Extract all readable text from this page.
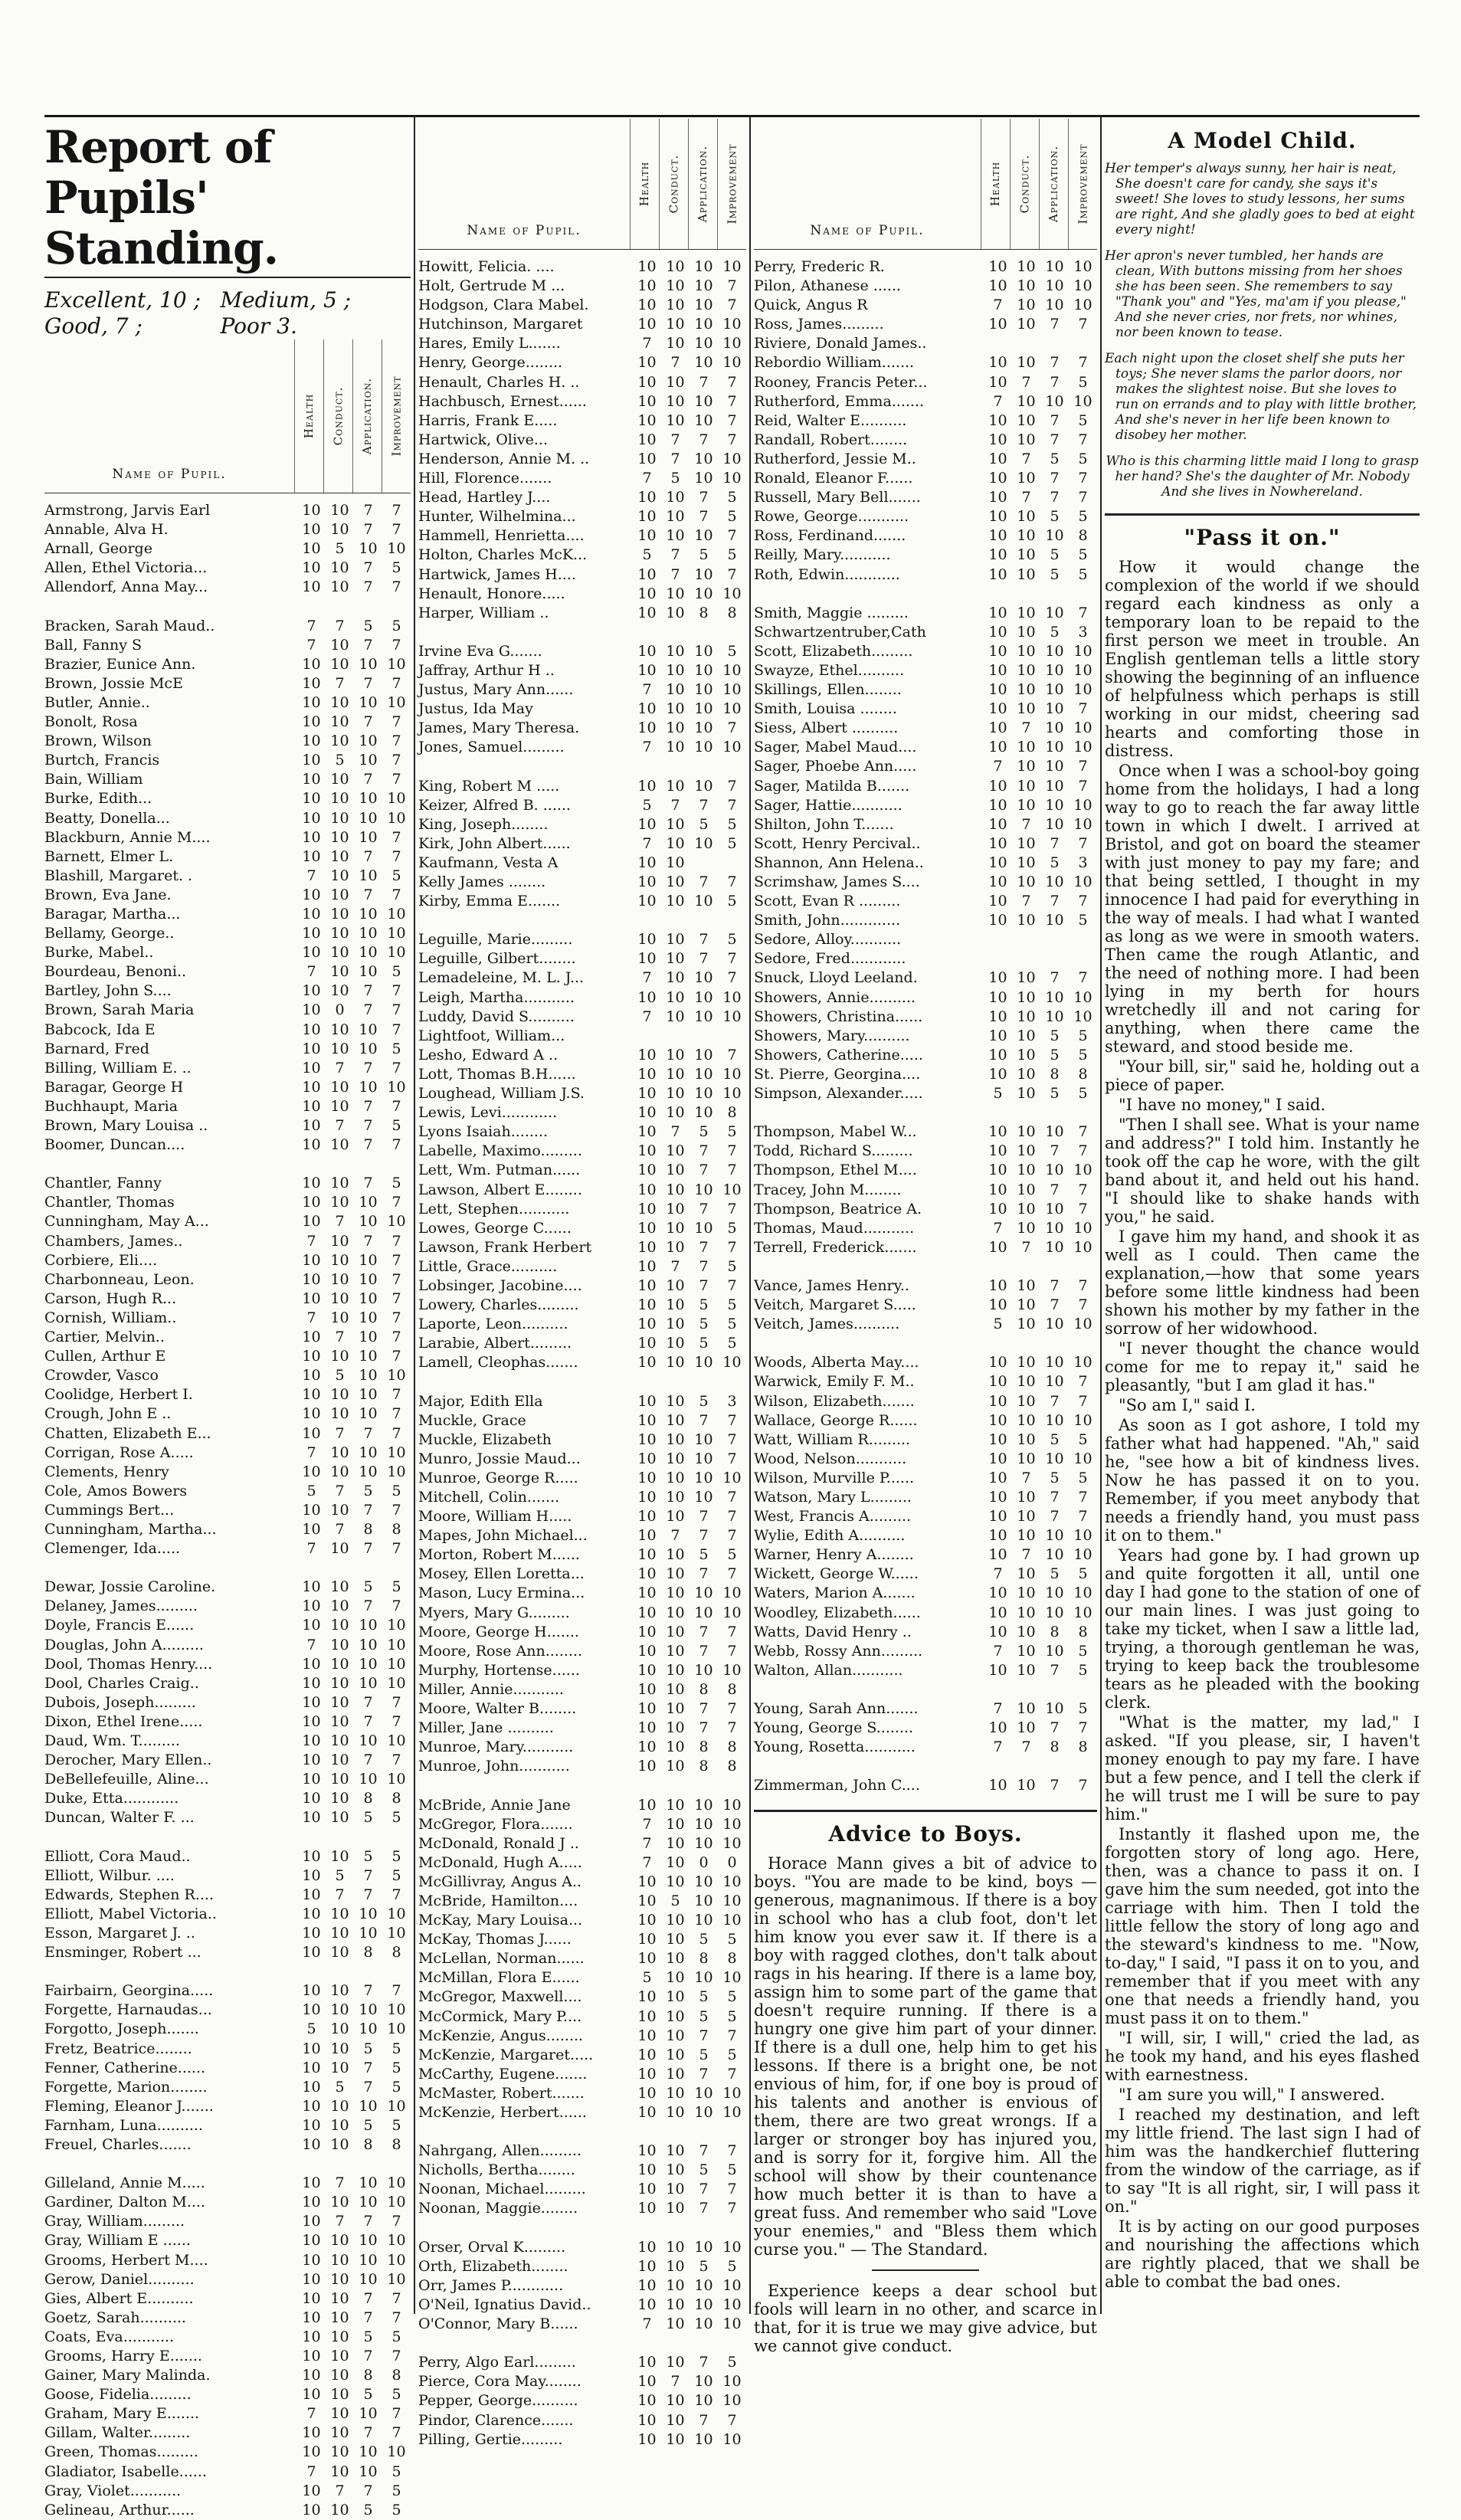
Report of Pupils' Standing.
Excellent, 10 ; Medium, 5 ;
Good, 7 ;	Poor 3.
Name of Pupil.
Health Conduct. Application. Improvement
Armstrong, Jarvis Earl	10 10 7	7
Annable, Alva H.	10 10 7	7
Arnall, George	10 5 10 10
Allen, Ethel Victoria...	10 10 7	5
Allendorf, Anna May...	10 10 7	7
Bracken, Sarah Maud..	7	7	5	5
Ball, Fanny S	7 10 7	7
Brazier, Eunice Ann.	10 10 10 10
Brown, Jossie McE	10 7	7	7
Butler, Annie..	10 10 10 10
Bonolt, Rosa	10 10 7	7
Brown, Wilson	10 10 10 7
Burtch, Francis	10 5 10 7
Bain, William	10 10 7	7
Burke, Edith...	10 10 10 10
Beatty, Donella...	10 10 10 10
Blackburn, Annie M....	10 10 10 7
Barnett, Elmer L.	10 10 7	7
Blashill, Margaret. .	7 10 10 5
Brown, Eva Jane.	10 10 7	7
Baragar, Martha...	10 10 10 10
Bellamy, George..	10 10 10 10
Burke, Mabel..	10 10 10 10
Bourdeau, Benoni..	7 10 10 5
Bartley, John S....	10 10 7	7
Brown, Sarah Maria	10 0	7	7
Babcock, Ida E	10 10 10 7
Barnard, Fred	10 10 10 5
Billing, William E. ..	10 7	7	7
Baragar, George H	10 10 10 10
Buchhaupt, Maria	10 10 7	7
Brown, Mary Louisa ..	10 7	7	5
Boomer, Duncan....	10 10 7	7
Chantler, Fanny	10 10 7	5
Chantler, Thomas	10 10 10 7
Cunningham, May A...	10 7 10 10
Chambers, James..	7 10 7	7
Corbiere, Eli....	10 10 10 7
Charbonneau, Leon.	10 10 10 7
Carson, Hugh R...	10 10 10 7
Cornish, William..	7 10 10 7
Cartier, Melvin..	10 7 10 7
Cullen, Arthur E	10 10 10 7
Crowder, Vasco	10 5 10 10
Coolidge, Herbert I.	10 10 10 7
Crough, John E ..	10 10 10 7
Chatten, Elizabeth E...	10 7	7	7
Corrigan, Rose A.....	7 10 10 10
Clements, Henry	10 10 10 10
Cole, Amos Bowers	5	7	5	5
Cummings Bert...	10 10 7	7
Cunningham, Martha...	10 7	8	8
Clemenger, Ida.....	7 10 7	7
Dewar, Jossie Caroline.	10 10 5	5
Delaney, James.........	10 10 7	7
Doyle, Francis E......	10 10 10 10
Douglas, John A.........	7 10 10 10
Dool, Thomas Henry....	10 10 10 10
Dool, Charles Craig..	10 10 10 10
Dubois, Joseph.........	10 10 7	7
Dixon, Ethel Irene.....	10 10 7	7
Daud, Wm. T.........	10 10 10 10
Derocher, Mary Ellen..	10 10 7	7
DeBellefeuille, Aline...	10 10 10 10
Duke, Etta............	10 10 8	8
Duncan, Walter F. ...	10 10 5	5
Elliott, Cora Maud..	10 10 5	5
Elliott, Wilbur. ....	10 5	7	5
Edwards, Stephen R....	10 7	7	7
Elliott, Mabel Victoria..	10 10 10 10
Esson, Margaret J. ..	10 10 10 10
Ensminger, Robert ...	10 10 8	8
Fairbairn, Georgina.....	10 10 7	7
Forgette, Harnaudas...	10 10 10 10
Forgotto, Joseph.......	5 10 10 10
Fretz, Beatrice........	10 10 5	5
Fenner, Catherine......	10 10 7	5
Forgette, Marion........	10 5	7	5
Fleming, Eleanor J.......	10 10 10 10
Farnham, Luna..........	10 10 5	5
Freuel, Charles.......	10 10 8	8
Gilleland, Annie M.....	10 7 10 10
Gardiner, Dalton M....	10 10 10 10
Gray, William.........	10 7	7	7
Gray, William E ......	10 10 10 10
Grooms, Herbert M....	10 10 10 10
Gerow, Daniel..........	10 10 10 10
Gies, Albert E..........	10 10 7	7
Goetz, Sarah..........	10 10 7	7
Coats, Eva...........	10 10 5	5
Grooms, Harry E.......	10 10 7	7
Gainer, Mary Malinda.	10 10 8	8
Goose, Fidelia.........	10 10 5	5
Graham, Mary E.......	7 10 10 7
Gillam, Walter.........	10 10 7	7
Green, Thomas.........	10 10 10 10
Gladiator, Isabelle......	7 10 10 5
Gray, Violet...........	10 7	7	5
Gelineau, Arthur......	10 10 5	5
Name of Pupil.
Health Conduct. Application. Improvement
Howitt, Felicia. ....	10 10 10 10
Holt, Gertrude M ...	10 10 10 7
Hodgson, Clara Mabel.	10 10 10 7
Hutchinson, Margaret	10 10 10 10
Hares, Emily L.......	7 10 10 10
Henry, George........	10 7 10 10
Henault, Charles H. ..	10 10 7	7
Hachbusch, Ernest......	10 10 10 7
Harris, Frank E.....	10 10 10 7
Hartwick, Olive...	10 7	7	7
Henderson, Annie M. ..	10 7 10 10
Hill, Florence.......	7	5 10 10
Head, Hartley J....	10 10 7	5
Hunter, Wilhelmina...	10 10 7	5
Hammell, Henrietta....	10 10 10 7
Holton, Charles McK...	5	7	5	5
Hartwick, James H....	10 7 10 7
Henault, Honore.....	10 10 10 10
Harper, William ..	10 10 8	8
Irvine Eva G.......	10 10 10 5
Jaffray, Arthur H ..	10 10 10 10
Justus, Mary Ann......	7 10 10 10
Justus, Ida May	10 10 10 10
James, Mary Theresa.	10 10 10 7
Jones, Samuel.........	7 10 10 10
King, Robert M .....	10 10 10 7
Keizer, Alfred B. ......	5	7	7	7
King, Joseph........	10 10 5	5
Kirk, John Albert......	7 10 10 5
Kaufmann, Vesta A	10 10
Kelly James ........	10 10 7	7
Kirby, Emma E.......	10 10 10 5
Leguille, Marie.........	10 10 7	5
Leguille, Gilbert........	10 10 7	7
Lemadeleine, M. L. J...	7 10 10 7
Leigh, Martha...........	10 10 10 10
Luddy, David S..........	7 10 10 10
Lightfoot, William...
Lesho, Edward A ..	10 10 10 7
Lott, Thomas B.H......	10 10 10 10
Loughead, William J.S.	10 10 10 10
Lewis, Levi............	10 10 10 8
Lyons Isaiah........	10 7	5	5
Labelle, Maximo.........	10 10 7	7
Lett, Wm. Putman......	10 10 7	7
Lawson, Albert E........	10 10 10 10
Lett, Stephen...........	10 10 7	7
Lowes, George C......	10 10 10 5
Lawson, Frank Herbert	10 10 7	7
Little, Grace..........	10 7	7	5
Lobsinger, Jacobine....	10 10 7	7
Lowery, Charles.........	10 10 5	5
Laporte, Leon..........	10 10 5	5
Larabie, Albert.........	10 10 5	5
Lamell, Cleophas.......	10 10 10 10
Major, Edith Ella	10 10 5	3
Muckle, Grace	10 10 7	7
Muckle, Elizabeth	10 10 10 7
Munro, Jossie Maud...	10 10 10 7
Munroe, George R.....	10 10 10 10
Mitchell, Colin.......	10 10 10 7
Moore, William H.....	10 10 7	7
Mapes, John Michael...	10 7	7	7
Morton, Robert M......	10 10 5	5
Mosey, Ellen Loretta...	10 10 7	7
Mason, Lucy Ermina...	10 10 10 10
Myers, Mary G.........	10 10 10 10
Moore, George H.......	10 10 7	7
Moore, Rose Ann........	10 10 7	7
Murphy, Hortense......	10 10 10 10
Miller, Annie...........	10 10 8	8
Moore, Walter B........	10 10 7	7
Miller, Jane ..........	10 10 7	7
Munroe, Mary...........	10 10 8	8
Munroe, John...........	10 10 8	8
McBride, Annie Jane	10 10 10 10
McGregor, Flora.......	7 10 10 10
McDonald, Ronald J ..	7 10 10 10
McDonald, Hugh A.....	7 10 0	0
McGillivray, Angus A..	10 10 10 10
McBride, Hamilton....	10 5 10 10
McKay, Mary Louisa...	10 10 10 10
McKay, Thomas J......	10 10 5	5
McLellan, Norman......	10 10 8	8
McMillan, Flora E......	5 10 10 10
McGregor, Maxwell....	10 10 5	5
McCormick, Mary P....	10 10 5	5
McKenzie, Angus........	10 10 7	7
McKenzie, Margaret.....	10 10 5	5
McCarthy, Eugene.......	10 10 7	7
McMaster, Robert.......	10 10 10 10
McKenzie, Herbert......	10 10 10 10
Nahrgang, Allen.........	10 10 7	7
Nicholls, Bertha........	10 10 5	5
Noonan, Michael.........	10 10 7	7
Noonan, Maggie........	10 10 7	7
Orser, Orval K.........	10 10 10 10
Orth, Elizabeth........	10 10 5	5
Orr, James P............	10 10 10 10
O'Neil, Ignatius David..	10 10 10 10
O'Connor, Mary B......	7 10 10 10
Perry, Algo Earl.........	10 10 7	5
Pierce, Cora May........	10 7 10 10
Pepper, George..........	10 10 10 10
Pindor, Clarence.......	10 10 7	7
Pilling, Gertie.........	10 10 10 10
Name of Pupil.
Health Conduct. Application. Improvement
Perry, Frederic R.	10 10 10 10
Pilon, Athanese ......	10 10 10 10
Quick, Angus R	7 10 10 10
Ross, James.........	10 10 7	7
Riviere, Donald James..
Rebordio William.......	10 10 7	7
Rooney, Francis Peter...	10 7	7	5
Rutherford, Emma.......	7 10 10 10
Reid, Walter E..........	10 10 7	5
Randall, Robert........	10 10 7	7
Rutherford, Jessie M..	10 7	5	5
Ronald, Eleanor F......	10 10 7	7
Russell, Mary Bell.......	10 7	7	7
Rowe, George...........	10 10 5	5
Ross, Ferdinand.......	10 10 10 8
Reilly, Mary...........	10 10 5	5
Roth, Edwin............	10 10 5	5
Smith, Maggie .........	10 10 10 7
Schwartzentruber,Cath	10 10 5	3
Scott, Elizabeth.........	10 10 10 10
Swayze, Ethel..........	10 10 10 10
Skillings, Ellen........	10 10 10 10
Smith, Louisa ........	10 10 10 7
Siess, Albert ..........	10 7 10 10
Sager, Mabel Maud....	10 10 10 10
Sager, Phoebe Ann.....	7 10 10 7
Sager, Matilda B.......	10 10 10 7
Sager, Hattie...........	10 10 10 10
Shilton, John T.......	10 7 10 10
Scott, Henry Percival..	10 10 7	7
Shannon, Ann Helena..	10 10 5	3
Scrimshaw, James S....	10 10 10 10
Scott, Evan R .........	10 7	7	7
Smith, John.............	10 10 10 5
Sedore, Alloy...........
Sedore, Fred............
Snuck, Lloyd Leeland.	10 10 7	7
Showers, Annie..........	10 10 10 10
Showers, Christina......	10 10 10 10
Showers, Mary..........	10 10 5	5
Showers, Catherine.....	10 10 5	5
St. Pierre, Georgina....	10 10 8	8
Simpson, Alexander.....	5 10 5	5
Thompson, Mabel W...	10 10 10 7
Todd, Richard S.........	10 10 7	7
Thompson, Ethel M....	10 10 10 10
Tracey, John M........	10 10 7	7
Thompson, Beatrice A.	10 10 10 7
Thomas, Maud...........	7 10 10 10
Terrell, Frederick.......	10 7 10 10
Vance, James Henry..	10 10 7	7
Veitch, Margaret S.....	10 10 7	7
Veitch, James..........	5 10 10 10
Woods, Alberta May....	10 10 10 10
Warwick, Emily F. M..	10 10 10 7
Wilson, Elizabeth.......	10 10 7	7
Wallace, George R......	10 10 10 10
Watt, William R.........	10 10 5	5
Wood, Nelson...........	10 10 10 10
Wilson, Murville P......	10 7	5	5
Watson, Mary L.........	10 10 7	7
West, Francis A.........	10 10 7	7
Wylie, Edith A..........	10 10 10 10
Warner, Henry A........	10 7 10 10
Wickett, George W......	7 10 5	5
Waters, Marion A.......	10 10 10 10
Woodley, Elizabeth......	10 10 10 10
Watts, David Henry ..	10 10 8	8
Webb, Rossy Ann.........	7 10 10 5
Walton, Allan...........	10 10 7	5
Young, Sarah Ann.......	7 10 10 5
Young, George S........	10 10 7	7
Young, Rosetta...........	7	7	8	8
Zimmerman, John C....	10 10 7	7
Advice to Boys.

Horace Mann gives a bit of advice to boys. "You are made to be kind, boys — generous, magnanimous. If there is a boy in school who has a club foot, don't let him know you ever saw it. If there is a boy with ragged clothes, don't talk about rags in his hearing. If there is a lame boy, assign him to some part of the game that doesn't require running. If there is a hungry one give him part of your dinner. If there is a dull one, help him to get his lessons. If there is a bright one, be not envious of him, for, if one boy is proud of his talents and another is envious of them, there are two great wrongs. If a larger or stronger boy has injured you, and is sorry for it, forgive him. All the school will show by their countenance how much better it is than to have a great fuss. And remember who said "Love your enemies," and "Bless them which curse you." — The Standard.

Experience keeps a dear school but fools will learn in no other, and scarce in that, for it is true we may give advice, but we cannot give conduct.

A Model Child.

Her temper's always sunny, her hair is neat, She doesn't care for candy, she says it's sweet! She loves to study lessons, her sums are right, And she gladly goes to bed at eight every night!

Her apron's never tumbled, her hands are clean, With buttons missing from her shoes she has been seen. She remembers to say "Thank you" and "Yes, ma'am if you please," And she never cries, nor frets, nor whines, nor been known to tease.

Each night upon the closet shelf she puts her toys; She never slams the parlor doors, nor makes the slightest noise. But she loves to run on errands and to play with little brother, And she's never in her life been known to disobey her mother.

Who is this charming little maid I long to grasp her hand? She's the daughter of Mr. Nobody And she lives in Nowhereland.

"Pass it on."

How it would change the complexion of the world if we should regard each kindness as only a temporary loan to be repaid to the first person we meet in trouble. An English gentleman tells a little story showing the beginning of an influence of helpfulness which perhaps is still working in our midst, cheering sad hearts and comforting those in distress.

Once when I was a school-boy going home from the holidays, I had a long way to go to reach the far away little town in which I dwelt. I arrived at Bristol, and got on board the steamer with just money to pay my fare; and that being settled, I thought in my innocence I had paid for everything in the way of meals. I had what I wanted as long as we were in smooth waters. Then came the rough Atlantic, and the need of nothing more. I had been lying in my berth for hours wretchedly ill and not caring for anything, when there came the steward, and stood beside me.

"Your bill, sir," said he, holding out a piece of paper.

"I have no money," I said.

"Then I shall see. What is your name and address?" I told him. Instantly he took off the cap he wore, with the gilt band about it, and held out his hand. "I should like to shake hands with you," he said.

I gave him my hand, and shook it as well as I could. Then came the explanation,—how that some years before some little kindness had been shown his mother by my father in the sorrow of her widowhood.

"I never thought the chance would come for me to repay it," said he pleasantly, "but I am glad it has."

"So am I," said I.

As soon as I got ashore, I told my father what had happened. "Ah," said he, "see how a bit of kindness lives. Now he has passed it on to you. Remember, if you meet anybody that needs a friendly hand, you must pass it on to them."

Years had gone by. I had grown up and quite forgotten it all, until one day I had gone to the station of one of our main lines. I was just going to take my ticket, when I saw a little lad, trying, a thorough gentleman he was, trying to keep back the troublesome tears as he pleaded with the booking clerk.

"What is the matter, my lad," I asked. "If you please, sir, I haven't money enough to pay my fare. I have but a few pence, and I tell the clerk if he will trust me I will be sure to pay him."

Instantly it flashed upon me, the forgotten story of long ago. Here, then, was a chance to pass it on. I gave him the sum needed, got into the carriage with him. Then I told the little fellow the story of long ago and the steward's kindness to me. "Now, to-day," I said, "I pass it on to you, and remember that if you meet with any one that needs a friendly hand, you must pass it on to them."

"I will, sir, I will," cried the lad, as he took my hand, and his eyes flashed with earnestness.

"I am sure you will," I answered.

I reached my destination, and left my little friend. The last sign I had of him was the handkerchief fluttering from the window of the carriage, as if to say "It is all right, sir, I will pass it on."

It is by acting on our good purposes and nourishing the affections which are rightly placed, that we shall be able to combat the bad ones.
